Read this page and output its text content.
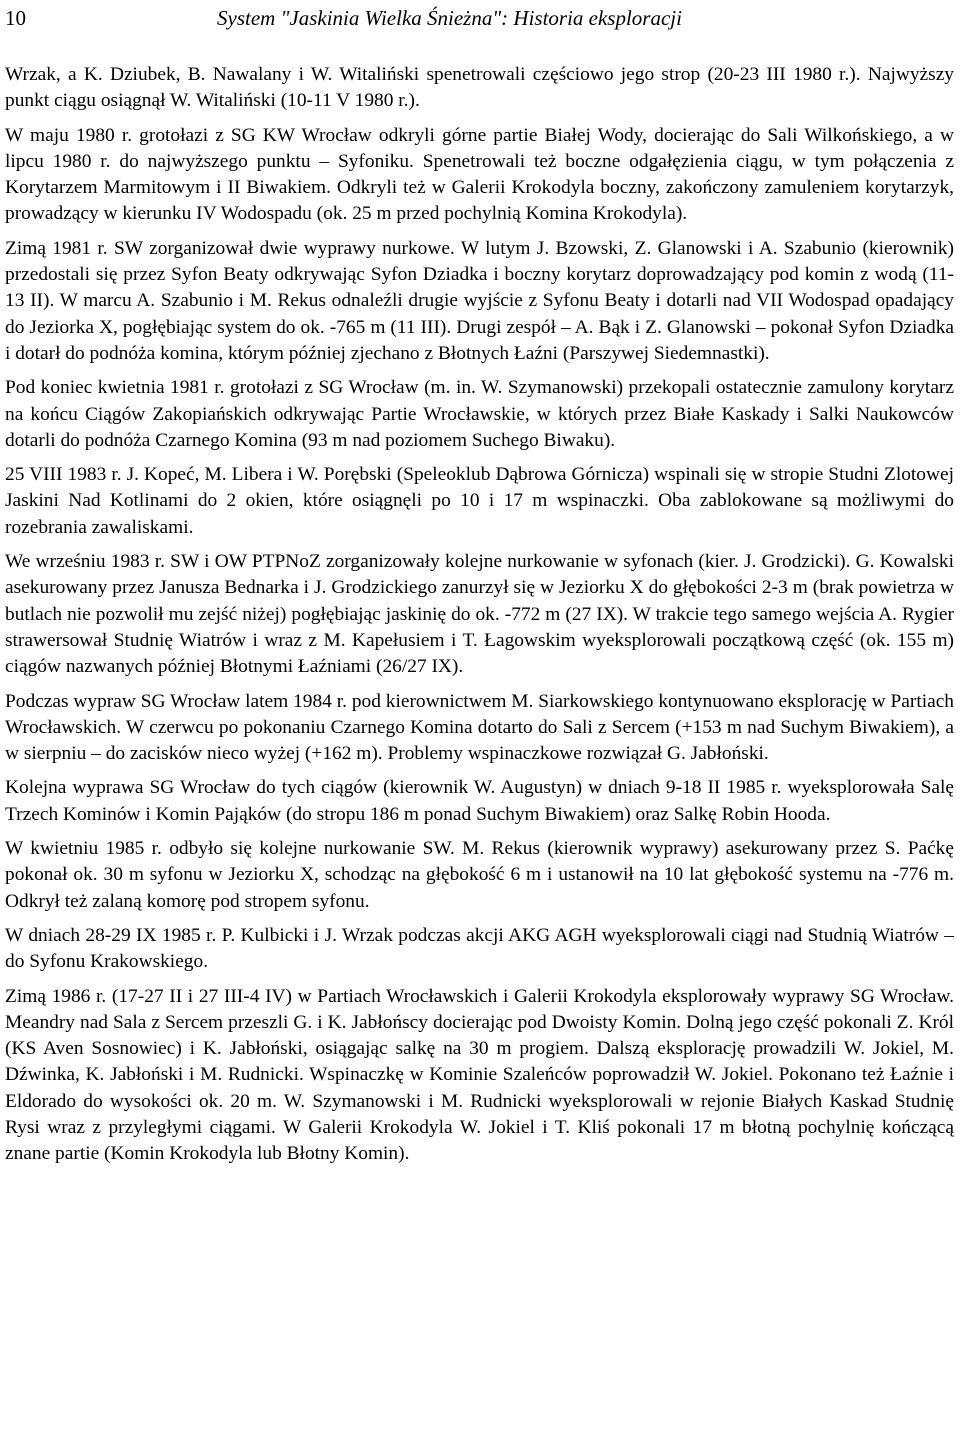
10	System "Jaskinia Wielka Śnieżna": Historia eksploracji

Wrzak, a K. Dziubek, B. Nawalany i W. Witaliński spenetrowali częściowo jego strop (20-23 III 1980 r.). Najwyższy punkt ciągu osiągnął W. Witaliński (10-11 V 1980 r.).

W maju 1980 r. grotołazi z SG KW Wrocław odkryli górne partie Białej Wody, docierając do Sali Wilkońskiego, a w lipcu 1980 r. do najwyższego punktu – Syfoniku. Spenetrowali też boczne odgałęzienia ciągu, w tym połączenia z Korytarzem Marmitowym i II Biwakiem. Odkryli też w Galerii Krokodyla boczny, zakończony zamuleniem korytarzyk, prowadzący w kierunku IV Wodospadu (ok. 25 m przed pochylnią Komina Krokodyla).

Zimą 1981 r. SW zorganizował dwie wyprawy nurkowe. W lutym J. Bzowski, Z. Glanowski i A. Szabunio (kierownik) przedostali się przez Syfon Beaty odkrywając Syfon Dziadka i boczny korytarz doprowadzający pod komin z wodą (11-13 II). W marcu A. Szabunio i M. Rekus odnaleźli drugie wyjście z Syfonu Beaty i dotarli nad VII Wodospad opadający do Jeziorka X, pogłębiając system do ok. -765 m (11 III). Drugi zespół – A. Bąk i Z. Glanowski – pokonał Syfon Dziadka i dotarł do podnóża komina, którym później zjechano z Błotnych Łaźni (Parszywej Siedemnastki).

Pod koniec kwietnia 1981 r. grotołazi z SG Wrocław (m. in. W. Szymanowski) przekopali ostatecznie zamulony korytarz na końcu Ciągów Zakopiańskich odkrywając Partie Wrocławskie, w których przez Białe Kaskady i Salki Naukowców dotarli do podnóża Czarnego Komina (93 m nad poziomem Suchego Biwaku).

25 VIII 1983 r. J. Kopeć, M. Libera i W. Porębski (Speleoklub Dąbrowa Górnicza) wspinali się w stropie Studni Zlotowej Jaskini Nad Kotlinami do 2 okien, które osiągnęli po 10 i 17 m wspinaczki. Oba zablokowane są możliwymi do rozebrania zawaliskami.

We wrześniu 1983 r. SW i OW PTPNoZ zorganizowały kolejne nurkowanie w syfonach (kier. J. Grodzicki). G. Kowalski asekurowany przez Janusza Bednarka i J. Grodzickiego zanurzył się w Jeziorku X do głębokości 2-3 m (brak powietrza w butlach nie pozwolił mu zejść niżej) pogłębiając jaskinię do ok. -772 m (27 IX). W trakcie tego samego wejścia A. Rygier strawersował Studnię Wiatrów i wraz z M. Kapełusiem i T. Łagowskim wyeksplorowali początkową część (ok. 155 m) ciągów nazwanych później Błotnymi Łaźniami (26/27 IX).

Podczas wypraw SG Wrocław latem 1984 r. pod kierownictwem M. Siarkowskiego kontynuowano eksplorację w Partiach Wrocławskich. W czerwcu po pokonaniu Czarnego Komina dotarto do Sali z Sercem (+153 m nad Suchym Biwakiem), a w sierpniu – do zacisków nieco wyżej (+162 m). Problemy wspinaczkowe rozwiązał G. Jabłoński.

Kolejna wyprawa SG Wrocław do tych ciągów (kierownik W. Augustyn) w dniach 9-18 II 1985 r. wyeksplorowała Salę Trzech Kominów i Komin Pająków (do stropu 186 m ponad Suchym Biwakiem) oraz Salkę Robin Hooda.

W kwietniu 1985 r. odbyło się kolejne nurkowanie SW. M. Rekus (kierownik wyprawy) asekurowany przez S. Paćkę pokonał ok. 30 m syfonu w Jeziorku X, schodząc na głębokość 6 m i ustanowił na 10 lat głębokość systemu na -776 m. Odkrył też zalaną komorę pod stropem syfonu.

W dniach 28-29 IX 1985 r. P. Kulbicki i J. Wrzak podczas akcji AKG AGH wyeksplorowali ciągi nad Studnią Wiatrów – do Syfonu Krakowskiego.

Zimą 1986 r. (17-27 II i 27 III-4 IV) w Partiach Wrocławskich i Galerii Krokodyla eksplorowały wyprawy SG Wrocław. Meandry nad Sala z Sercem przeszli G. i K. Jabłońscy docierając pod Dwoisty Komin. Dolną jego część pokonali Z. Król (KS Aven Sosnowiec) i K. Jabłoński, osiągając salkę na 30 m progiem. Dalszą eksplorację prowadzili W. Jokiel, M. Dźwinka, K. Jabłoński i M. Rudnicki. Wspinaczkę w Kominie Szaleńców poprowadził W. Jokiel. Pokonano też Łaźnie i Eldorado do wysokości ok. 20 m. W. Szymanowski i M. Rudnicki wyeksplorowali w rejonie Białych Kaskad Studnię Rysi wraz z przyległymi ciągami. W Galerii Krokodyla W. Jokiel i T. Kliś pokonali 17 m błotną pochylnię kończącą znane partie (Komin Krokodyla lub Błotny Komin).
